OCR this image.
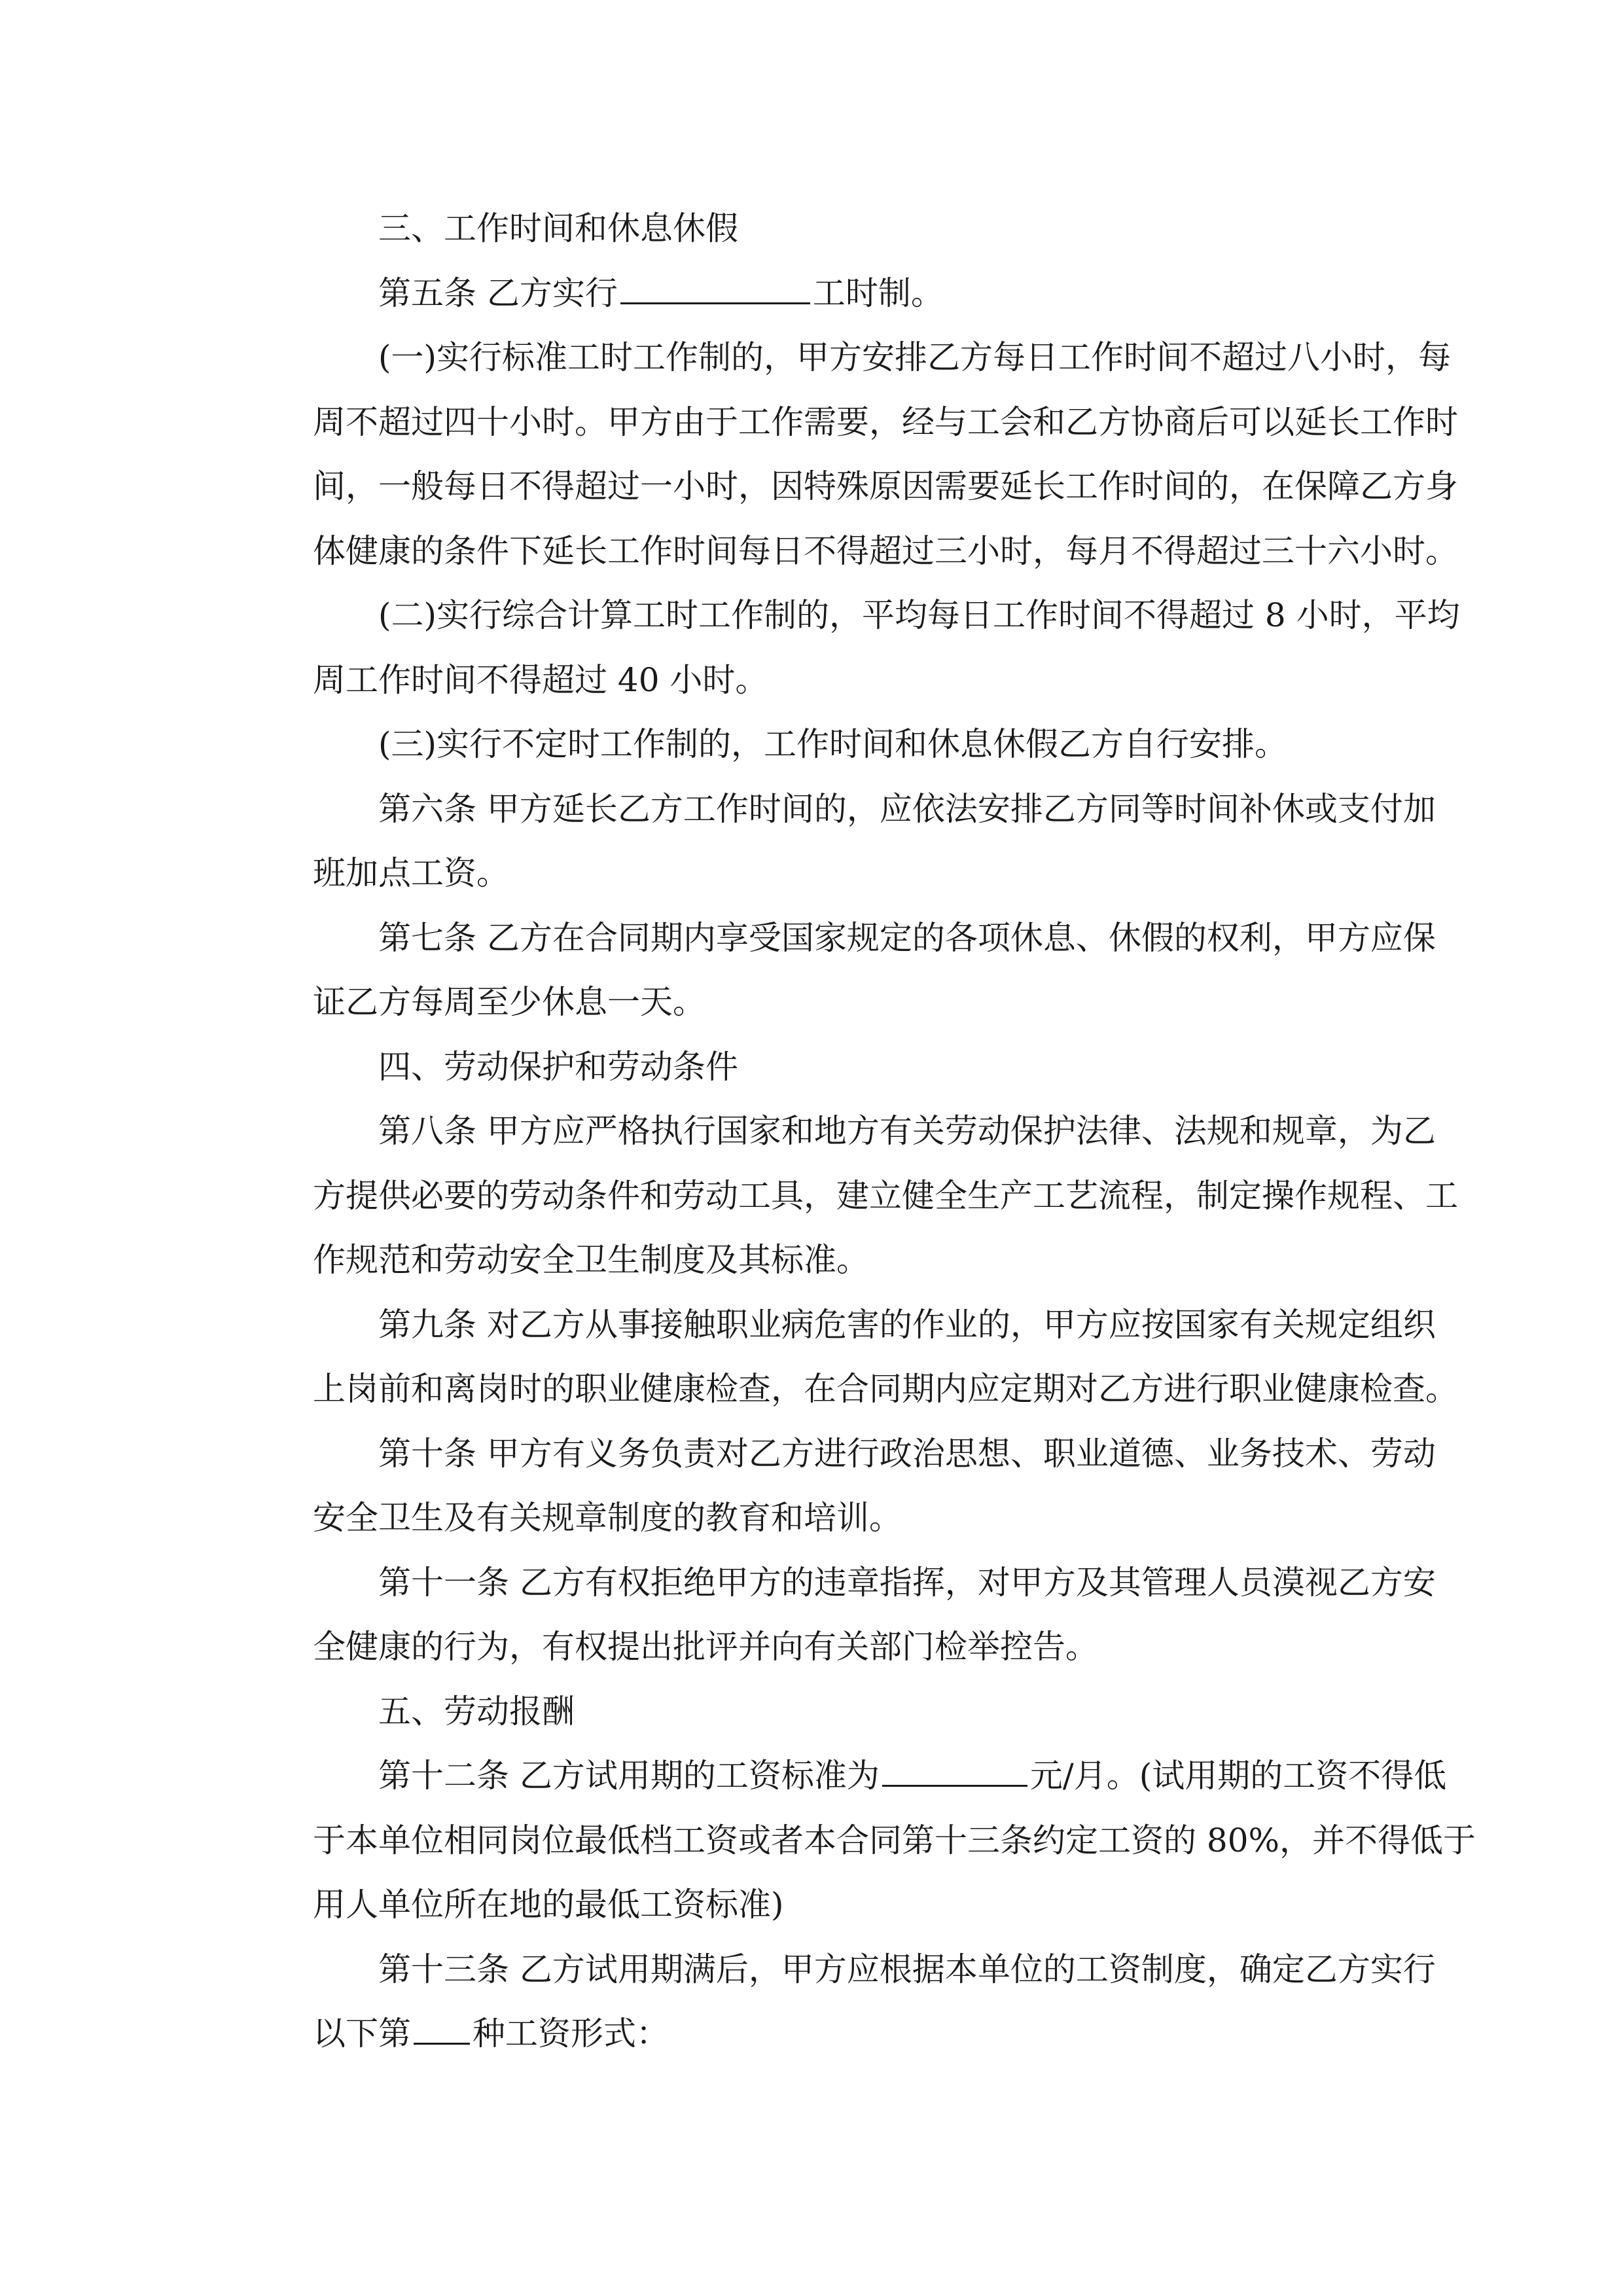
三、工作时间和休息休假
第五条 乙方实行	工时制。
(一)实行标准工时工作制的，甲方安排乙方每日工作时间不超过八小时，每
周不超过四十小时。甲方由于工作需要，经与工会和乙方协商后可以延长工作时
间，一般每日不得超过一小时，因特殊原因需要延长工作时间的，在保障乙方身
体健康的条件下延长工作时间每日不得超过三小时，每月不得超过三十六小时。
(二)实行综合计算工时工作制的，平均每日工作时间不得超过 8 小时，平均
周工作时间不得超过 40 小时。
(三)实行不定时工作制的，工作时间和休息休假乙方自行安排。
第六条 甲方延长乙方工作时间的，应依法安排乙方同等时间补休或支付加
班加点工资。
第七条 乙方在合同期内享受国家规定的各项休息、休假的权利，甲方应保
证乙方每周至少休息一天。
四、劳动保护和劳动条件
第八条 甲方应严格执行国家和地方有关劳动保护法律、法规和规章，为乙
方提供必要的劳动条件和劳动工具，建立健全生产工艺流程，制定操作规程、工
作规范和劳动安全卫生制度及其标准。
第九条 对乙方从事接触职业病危害的作业的，甲方应按国家有关规定组织
上岗前和离岗时的职业健康检查，在合同期内应定期对乙方进行职业健康检查。
第十条 甲方有义务负责对乙方进行政治思想、职业道德、业务技术、劳动
安全卫生及有关规章制度的教育和培训。
第十一条 乙方有权拒绝甲方的违章指挥，对甲方及其管理人员漠视乙方安
全健康的行为，有权提出批评并向有关部门检举控告。
五、劳动报酬
第十二条 乙方试用期的工资标准为	元/月。(试用期的工资不得低
于本单位相同岗位最低档工资或者本合同第十三条约定工资的 80%，并不得低于
用人单位所在地的最低工资标准)
第十三条 乙方试用期满后，甲方应根据本单位的工资制度，确定乙方实行
以下第 种工资形式：
